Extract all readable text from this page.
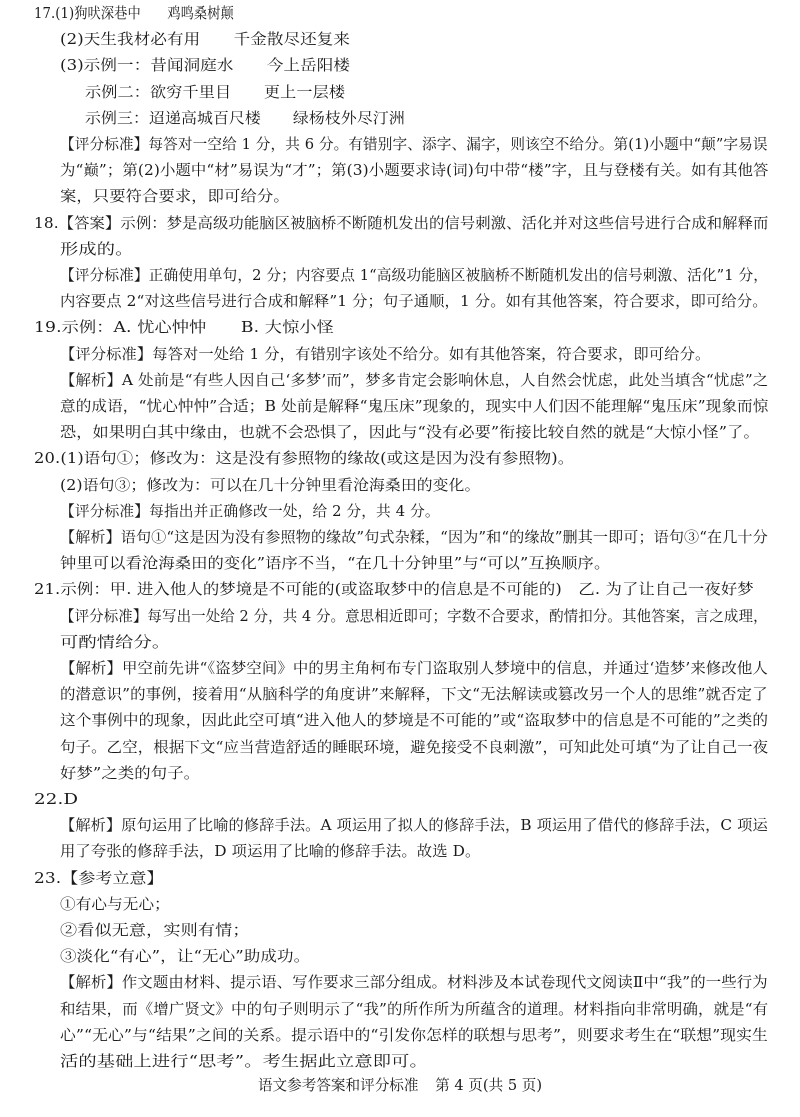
17.(1)狗吠深巷中　　鸡鸣桑树颠
(2)天生我材必有用　　千金散尽还复来
(3)示例一：昔闻洞庭水　　今上岳阳楼
示例二：欲穷千里目　　更上一层楼
示例三：迢递高城百尺楼　　绿杨枝外尽汀洲
【评分标准】每答对一空给 1 分，共 6 分。有错别字、添字、漏字，则该空不给分。第(1)小题中“颠”字易误
为“巅”；第(2)小题中“材”易误为“才”；第(3)小题要求诗(词)句中带“楼”字，且与登楼有关。如有其他答
案，只要符合要求，即可给分。
18.【答案】示例：梦是高级功能脑区被脑桥不断随机发出的信号刺激、活化并对这些信号进行合成和解释而
形成的。
【评分标准】正确使用单句，2 分；内容要点 1“高级功能脑区被脑桥不断随机发出的信号刺激、活化”1 分，
内容要点 2“对这些信号进行合成和解释”1 分；句子通顺，1 分。如有其他答案，符合要求，即可给分。
19.示例：A. 忧心忡忡　　B. 大惊小怪
【评分标准】每答对一处给 1 分，有错别字该处不给分。如有其他答案，符合要求，即可给分。
【解析】A 处前是“有些人因自己‘多梦’而”，梦多肯定会影响休息，人自然会忧虑，此处当填含“忧虑”之
意的成语，“忧心忡忡”合适；B 处前是解释“鬼压床”现象的，现实中人们因不能理解“鬼压床”现象而惊
恐，如果明白其中缘由，也就不会恐惧了，因此与“没有必要”衔接比较自然的就是“大惊小怪”了。
20.(1)语句①；修改为：这是没有参照物的缘故(或这是因为没有参照物)。
(2)语句③；修改为：可以在几十分钟里看沧海桑田的变化。
【评分标准】每指出并正确修改一处，给 2 分，共 4 分。
【解析】语句①“这是因为没有参照物的缘故”句式杂糅，“因为”和“的缘故”删其一即可；语句③“在几十分
钟里可以看沧海桑田的变化”语序不当，“在几十分钟里”与“可以”互换顺序。
21.示例：甲. 进入他人的梦境是不可能的(或盗取梦中的信息是不可能的)　乙. 为了让自己一夜好梦
【评分标准】每写出一处给 2 分，共 4 分。意思相近即可；字数不合要求，酌情扣分。其他答案，言之成理，
可酌情给分。
【解析】甲空前先讲“《盗梦空间》中的男主角柯布专门盗取别人梦境中的信息，并通过‘造梦’来修改他人
的潜意识”的事例，接着用“从脑科学的角度讲”来解释，下文“无法解读或篡改另一个人的思维”就否定了
这个事例中的现象，因此此空可填“进入他人的梦境是不可能的”或“盗取梦中的信息是不可能的”之类的
句子。乙空，根据下文“应当营造舒适的睡眠环境，避免接受不良刺激”，可知此处可填“为了让自己一夜
好梦”之类的句子。
22.D
【解析】原句运用了比喻的修辞手法。A 项运用了拟人的修辞手法，B 项运用了借代的修辞手法，C 项运
用了夸张的修辞手法，D 项运用了比喻的修辞手法。故选 D。
23.【参考立意】
①有心与无心；
②看似无意，实则有情；
③淡化“有心”，让“无心”助成功。
【解析】作文题由材料、提示语、写作要求三部分组成。材料涉及本试卷现代文阅读Ⅱ中“我”的一些行为
和结果，而《增广贤文》中的句子则明示了“我”的所作所为所蕴含的道理。材料指向非常明确，就是“有
心”“无心”与“结果”之间的关系。提示语中的“引发你怎样的联想与思考”，则要求考生在“联想”现实生
活的基础上进行“思考”。考生据此立意即可。
语文参考答案和评分标准 第 4 页(共 5 页)
